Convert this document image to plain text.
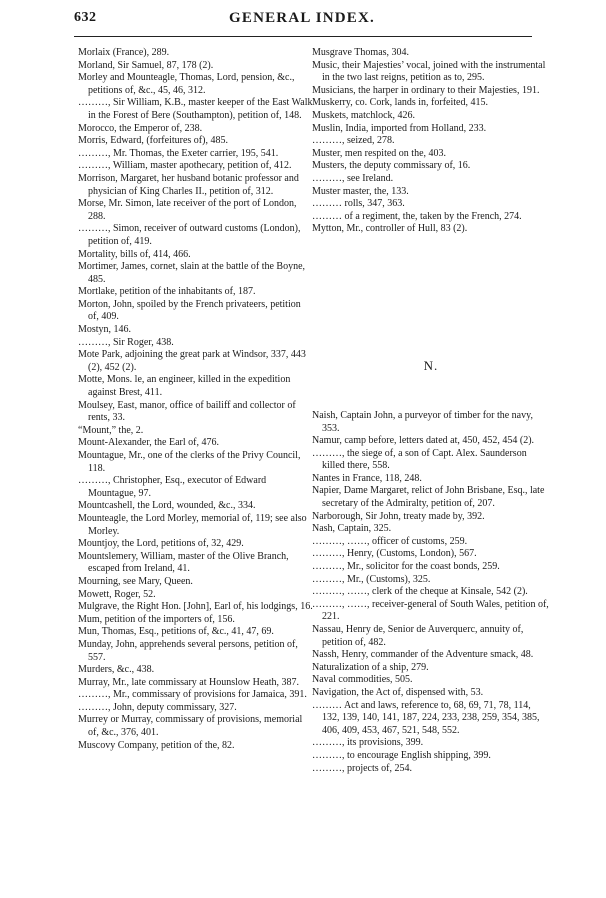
632	GENERAL INDEX.

Morlaix (France), 289.

Morland, Sir Samuel, 87, 178 (2).

Morley and Mounteagle, Thomas, Lord, pension, &c., petitions of, &c., 45, 46, 312.

………, Sir William, K.B., master keeper of the East Walk in the Forest of Bere (Southampton), petition of, 148.

Morocco, the Emperor of, 238.

Morris, Edward, (forfeitures of), 485.

………, Mr. Thomas, the Exeter carrier, 195, 541.

………, William, master apothecary, petition of, 412.

Morrison, Margaret, her husband botanic professor and physician of King Charles II., petition of, 312.

Morse, Mr. Simon, late receiver of the port of London, 288.

………, Simon, receiver of outward customs (London), petition of, 419.

Mortality, bills of, 414, 466.

Mortimer, James, cornet, slain at the battle of the Boyne, 485.

Mortlake, petition of the inhabitants of, 187.

Morton, John, spoiled by the French privateers, petition of, 409.

Mostyn, 146.

………, Sir Roger, 438.

Mote Park, adjoining the great park at Windsor, 337, 443 (2), 452 (2).

Motte, Mons. le, an engineer, killed in the expedition against Brest, 411.

Moulsey, East, manor, office of bailiff and collector of rents, 33.

“Mount,” the, 2.

Mount-Alexander, the Earl of, 476.

Mountague, Mr., one of the clerks of the Privy Council, 118.

………, Christopher, Esq., executor of Edward Mountague, 97.

Mountcashell, the Lord, wounded, &c., 334.

Mounteagle, the Lord Morley, memorial of, 119; see also Morley.

Mountjoy, the Lord, petitions of, 32, 429.

Mountslemery, William, master of the Olive Branch, escaped from Ireland, 41.

Mourning, see Mary, Queen.

Mowett, Roger, 52.

Mulgrave, the Right Hon. [John], Earl of, his lodgings, 16.

Mum, petition of the importers of, 156.

Mun, Thomas, Esq., petitions of, &c., 41, 47, 69.

Munday, John, apprehends several persons, petition of, 557.

Murders, &c., 438.

Murray, Mr., late commissary at Hounslow Heath, 387.

………, Mr., commissary of provisions for Jamaica, 391.

………, John, deputy commissary, 327.

Murrey or Murray, commissary of provisions, memorial of, &c., 376, 401.

Muscovy Company, petition of the, 82.

Musgrave Thomas, 304.

Music, their Majesties’ vocal, joined with the instrumental in the two last reigns, petition as to, 295.

Musicians, the harper in ordinary to their Majesties, 191.

Muskerry, co. Cork, lands in, forfeited, 415.

Muskets, matchlock, 426.

Muslin, India, imported from Holland, 233.

………, seized, 278.

Muster, men respited on the, 403.

Musters, the deputy commissary of, 16.

………, see Ireland.

Muster master, the, 133.

……… rolls, 347, 363.

……… of a regiment, the, taken by the French, 274.

Mytton, Mr., controller of Hull, 83 (2).

N.

Naish, Captain John, a purveyor of timber for the navy, 353.

Namur, camp before, letters dated at, 450, 452, 454 (2).

………, the siege of, a son of Capt. Alex. Saunderson killed there, 558.

Nantes in France, 118, 248.

Napier, Dame Margaret, relict of John Brisbane, Esq., late secretary of the Admiralty, petition of, 207.

Narborough, Sir John, treaty made by, 392.

Nash, Captain, 325.

………, ……, officer of customs, 259.

………, Henry, (Customs, London), 567.

………, Mr., solicitor for the coast bonds, 259.

………, Mr., (Customs), 325.

………, ……, clerk of the cheque at Kinsale, 542 (2).

………, ……, receiver-general of South Wales, petition of, 221.

Nassau, Henry de, Senior de Auverquerc, annuity of, petition of, 482.

Nassh, Henry, commander of the Adventure smack, 48.

Naturalization of a ship, 279.

Naval commodities, 505.

Navigation, the Act of, dispensed with, 53.

……… Act and laws, reference to, 68, 69, 71, 78, 114, 132, 139, 140, 141, 187, 224, 233, 238, 259, 354, 385, 406, 409, 453, 467, 521, 548, 552.

………, its provisions, 399.

………, to encourage English shipping, 399.

………, projects of, 254.
